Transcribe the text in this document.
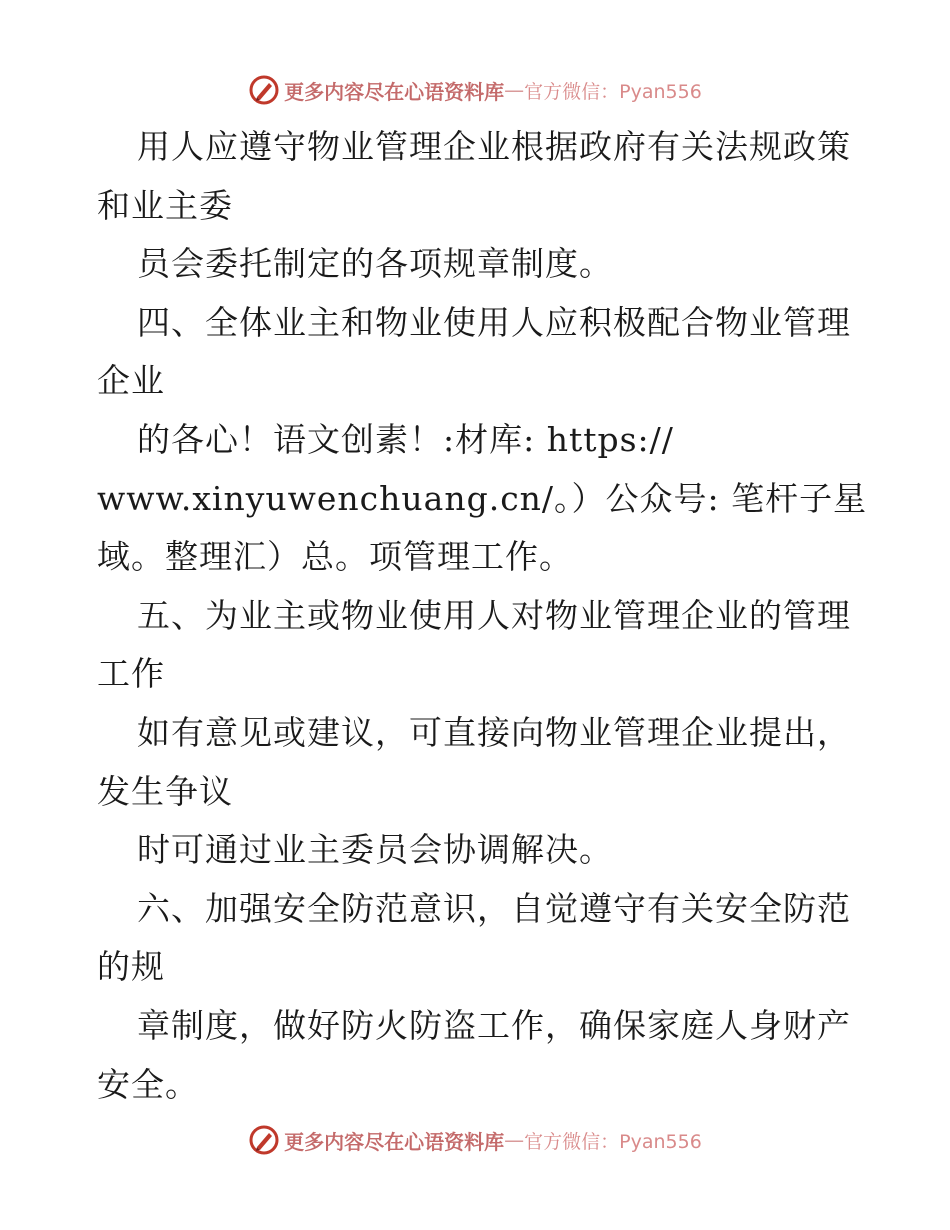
更多内容尽在心语资料库 — 官方微信：Pyan556
用人应遵守物业管理企业根据政府有关法规政策
和业主委
员会委托制定的各项规章制度。
四、全体业主和物业使用人应积极配合物业管理
企业
的各心！语文创素！:材库: https://
www.xinyuwenchuang.cn/。）公众号: 笔杆子星
域。整理汇）总。项管理工作。
五、为业主或物业使用人对物业管理企业的管理
工作
如有意见或建议，可直接向物业管理企业提出，
发生争议
时可通过业主委员会协调解决。
六、加强安全防范意识，自觉遵守有关安全防范
的规
章制度，做好防火防盗工作，确保家庭人身财产
安全。
更多内容尽在心语资料库 — 官方微信：Pyan556
